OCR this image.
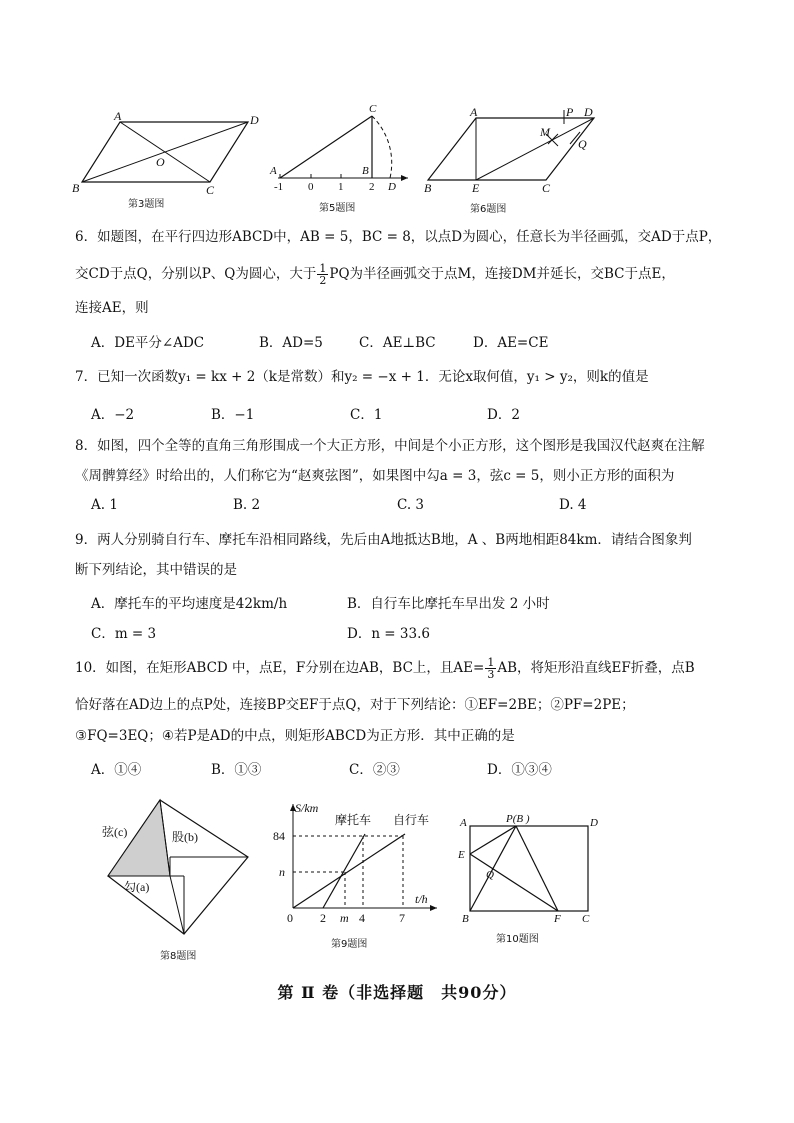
A	D
B	C
O
第3题图
A
C
B
D
-1 0 1 2
第5题图
A	P D
M
Q
B	E	C
第6题图
6．如题图，在平行四边形ABCD中，AB = 5，BC = 8，以点D为圆心，任意长为半径画弧，交AD于点P，
交CD于点Q，分别以P、Q为圆心，大于 $\frac{1}{2}$ PQ为半径画弧交于点M，连接DM并延长，交BC于点E，
连接AE，则
A．DE平分∠ADC	B．AD=5	C．AE⊥BC	D．AE=CE
7．已知一次函数y₁ = kx + 2（k是常数）和y₂ = −x + 1．无论x取何值，y₁ > y₂，则k的值是
A．−2	B．−1	C．1	D．2
8．如图，四个全等的直角三角形围成一个大正方形，中间是个小正方形，这个图形是我国汉代赵爽在注解
《周髀算经》时给出的，人们称它为“赵爽弦图”，如果图中勾a = 3，弦c = 5，则小正方形的面积为
A. 1	B. 2	C. 3	D. 4
9．两人分别骑自行车、摩托车沿相同路线，先后由A地抵达B地，A 、B两地相距84km．请结合图象判
断下列结论，其中错误的是
A．摩托车的平均速度是42km/h	B．自行车比摩托车早出发 2 小时
C．m = 3	D．n = 33.6
10．如图，在矩形ABCD 中，点E，F分别在边AB，BC上，且$AE= \frac{1}{3}$ AB，将矩形沿直线EF折叠，点B
恰好落在AD边上的点P处，连接BP交EF于点Q，对于下列结论：①EF=2BE；②PF=2PE；
③FQ=3EQ；④若P是AD的中点，则矩形ABCD为正方形．其中正确的是
A．①④	B．①③	C．②③	D．①③④
弦(c)	股(b)
勾(a)
第8题图
S/km
t/h
84
n
0 2 m 4	7
摩托车 自行车
第9题图
A	P(B )	D
E
Q
B	F C
第10题图
第 Ⅱ 卷（非选择题　共90分）
